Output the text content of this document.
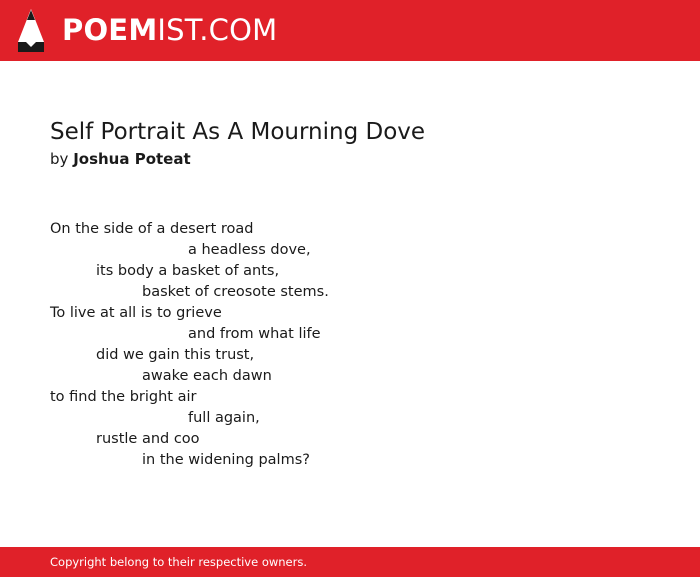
POEMIST.COM
Self Portrait As A Mourning Dove
by Joshua Poteat
On the side of a desert road
a headless dove,
its body a basket of ants,
basket of creosote stems.
To live at all is to grieve
and from what life
did we gain this trust,
awake each dawn
to find the bright air
full again,
rustle and coo
in the widening palms?
Copyright belong to their respective owners.
